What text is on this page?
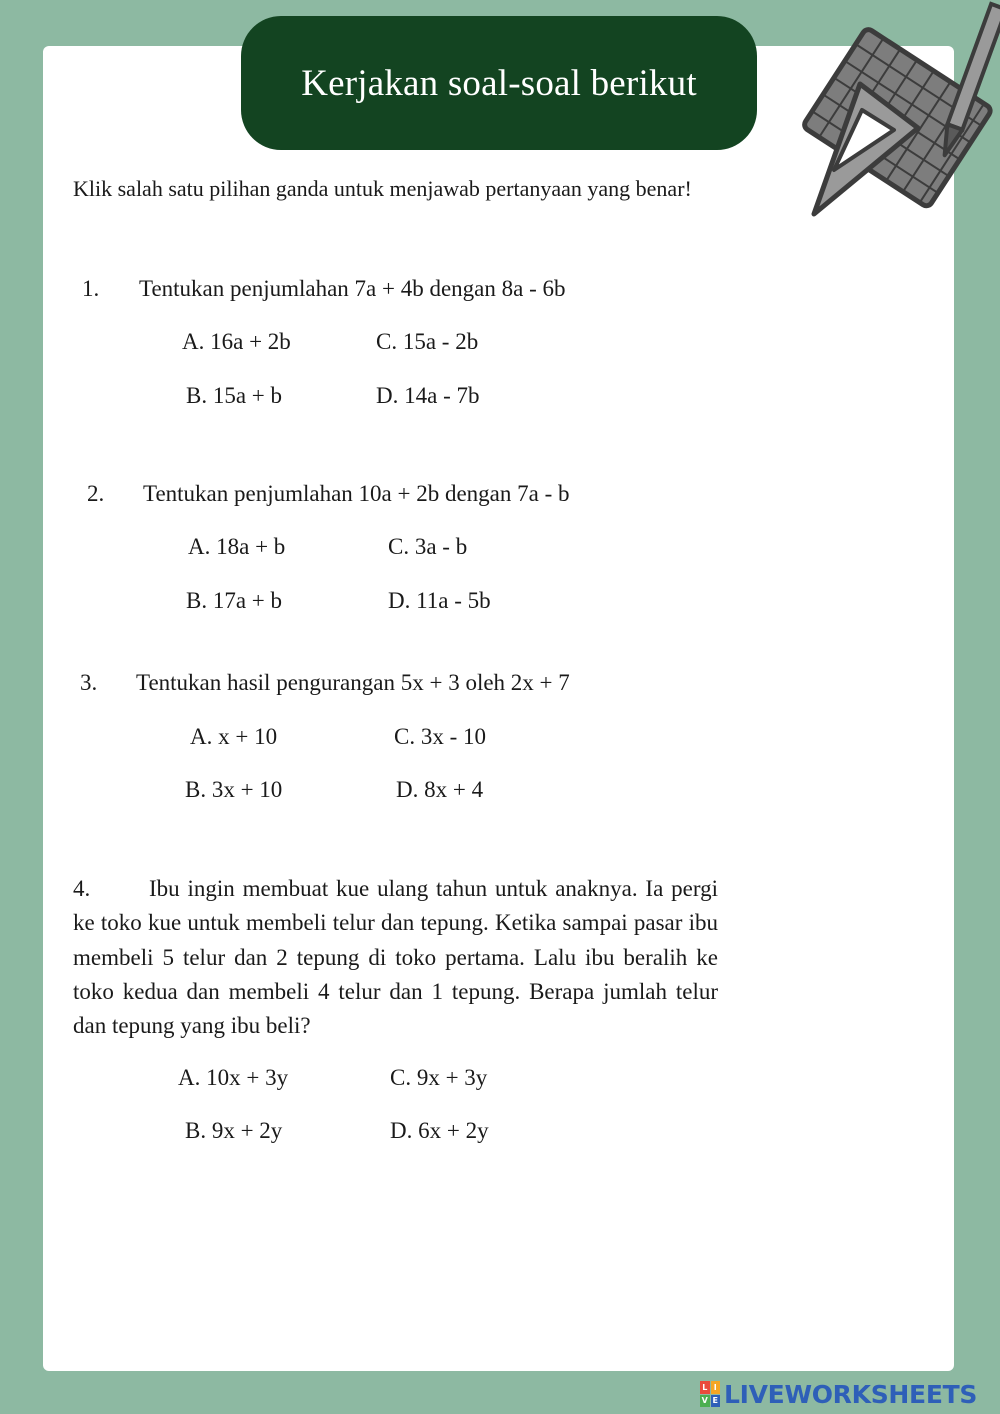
Kerjakan soal-soal berikut
Klik salah satu pilihan ganda untuk menjawab pertanyaan yang benar!
1. Tentukan penjumlahan 7a + 4b dengan 8a - 6b
A. 16a + 2b	C. 15a - 2b
B. 15a + b	D. 14a - 7b
2. Tentukan penjumlahan 10a + 2b dengan 7a - b
A. 18a + b	C. 3a - b
B. 17a + b	D. 11a - 5b
3. Tentukan hasil pengurangan 5x + 3 oleh 2x + 7
A. x + 10	C. 3x - 10
B. 3x + 10	D. 8x + 4
4.	Ibu ingin membuat kue ulang tahun untuk anaknya. Ia pergi ke toko kue untuk membeli telur dan tepung. Ketika sampai pasar ibu membeli 5 telur dan 2 tepung di toko pertama. Lalu ibu beralih ke toko kedua dan membeli 4 telur dan 1 tepung. Berapa jumlah telur dan tepung yang ibu beli?
A. 10x + 3y	C. 9x + 3y
B. 9x + 2y	D. 6x + 2y
L I
V E LIVEWORKSHEETS
